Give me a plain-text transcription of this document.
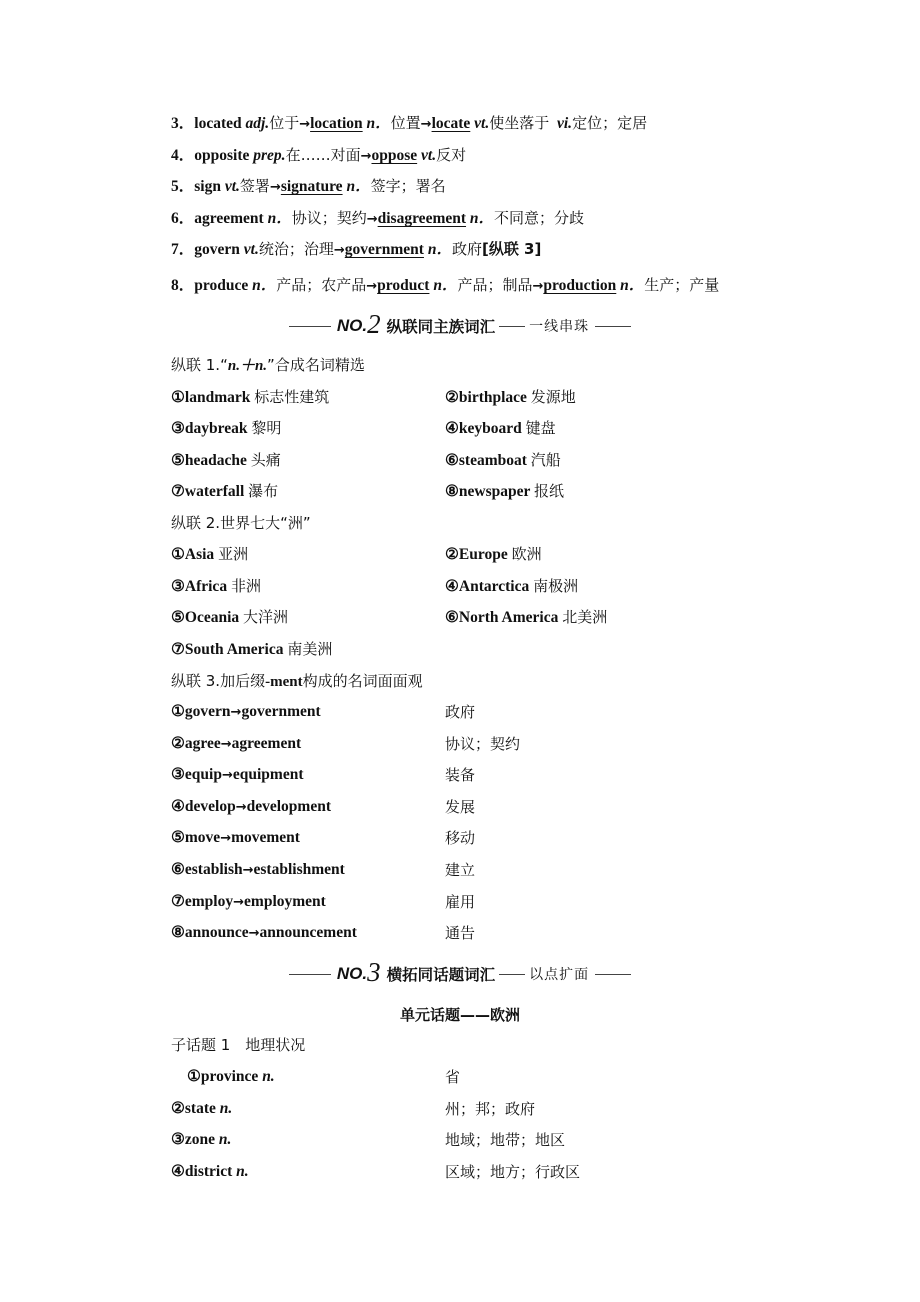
3．located adj.位于→location n．位置→locate vt.使坐落于 vi.定位；定居
4．opposite prep.在……对面→oppose vt.反对
5．sign vt.签署→signature n．签字；署名
6．agreement n．协议；契约→disagreement n．不同意；分歧
7．govern vt.统治；治理→government n．政府[纵联 3]
8．produce n．产品；农产品→product n．产品；制品→production n．生产；产量
NO. 2 纵联同主族词汇 一线串珠
纵联 1.“n.＋n.”合成名词精选
①landmark 标志性建筑	②birthplace 发源地
③daybreak 黎明	④keyboard 键盘
⑤headache 头痛	⑥steamboat 汽船
⑦waterfall 瀑布	⑧newspaper 报纸
纵联 2.世界七大“洲”
①Asia 亚洲	②Europe 欧洲
③Africa 非洲	④Antarctica 南极洲
⑤Oceania 大洋洲	⑥North America 北美洲
⑦South America 南美洲
纵联 3.加后缀-ment构成的名词面面观
①govern→government	政府
②agree→agreement	协议；契约
③equip→equipment	装备
④develop→development	发展
⑤move→movement	移动
⑥establish→establishment	建立
⑦employ→employment	雇用
⑧announce→announcement	通告
NO. 3 横拓同话题词汇 以点扩面
单元话题——欧洲
子话题 1　地理状况
①province n.	省
②state n.	州；邦；政府
③zone n.	地域；地带；地区
④district n.	区域；地方；行政区
